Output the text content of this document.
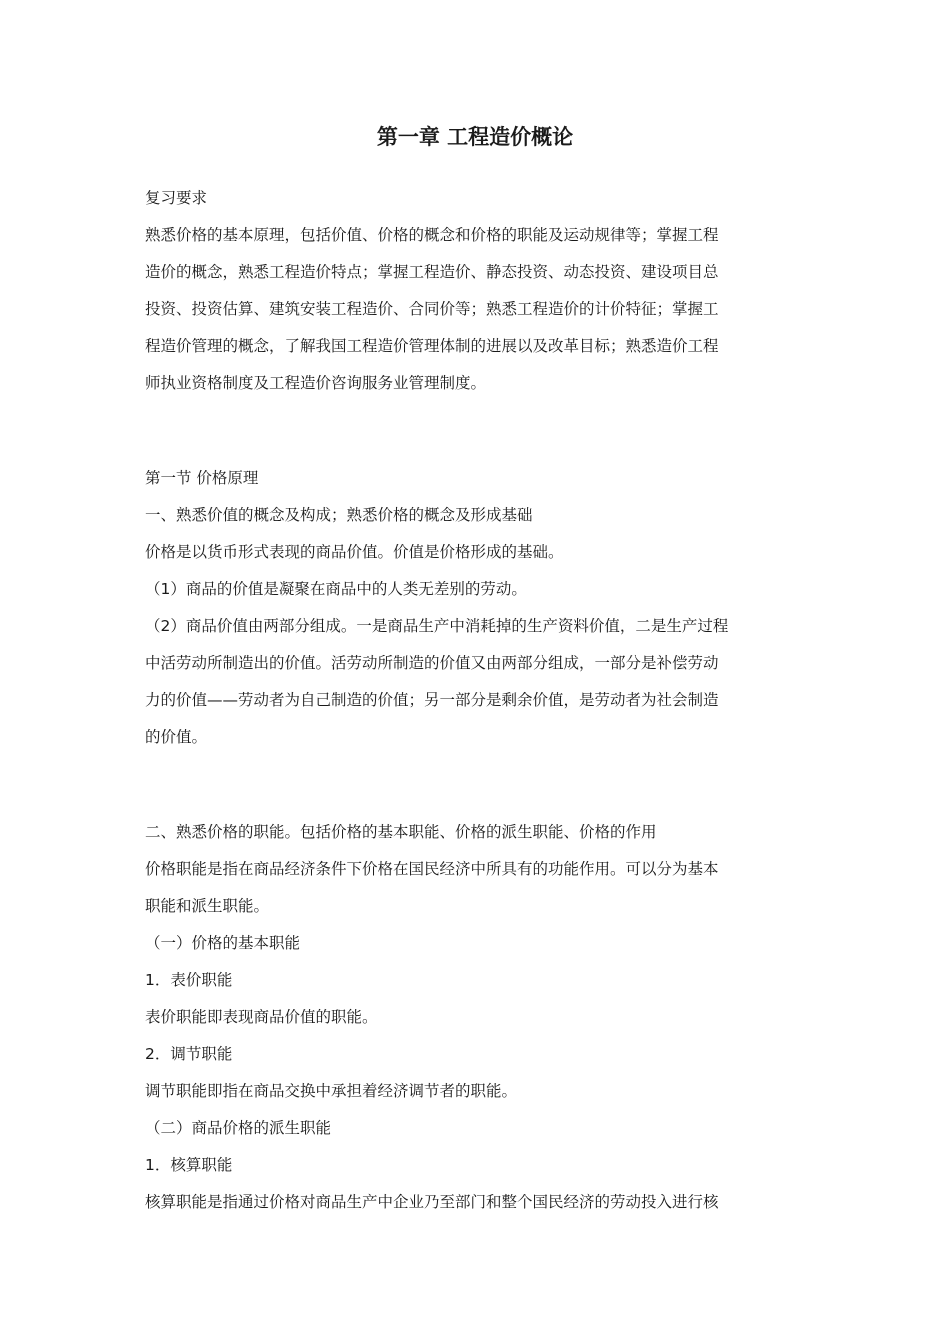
第一章 工程造价概论

复习要求

熟悉价格的基本原理，包括价值、价格的概念和价格的职能及运动规律等；掌握工程

造价的概念，熟悉工程造价特点；掌握工程造价、静态投资、动态投资、建设项目总

投资、投资估算、建筑安装工程造价、合同价等；熟悉工程造价的计价特征；掌握工

程造价管理的概念，了解我国工程造价管理体制的进展以及改革目标；熟悉造价工程

师执业资格制度及工程造价咨询服务业管理制度。

第一节 价格原理

一、熟悉价值的概念及构成；熟悉价格的概念及形成基础

价格是以货币形式表现的商品价值。价值是价格形成的基础。

（1）商品的价值是凝聚在商品中的人类无差别的劳动。

（2）商品价值由两部分组成。一是商品生产中消耗掉的生产资料价值，二是生产过程

中活劳动所制造出的价值。活劳动所制造的价值又由两部分组成，一部分是补偿劳动

力的价值——劳动者为自己制造的价值；另一部分是剩余价值，是劳动者为社会制造

的价值。

二、熟悉价格的职能。包括价格的基本职能、价格的派生职能、价格的作用

价格职能是指在商品经济条件下价格在国民经济中所具有的功能作用。可以分为基本

职能和派生职能。

（一）价格的基本职能

1．表价职能

表价职能即表现商品价值的职能。

2．调节职能

调节职能即指在商品交换中承担着经济调节者的职能。

（二）商品价格的派生职能

1．核算职能

核算职能是指通过价格对商品生产中企业乃至部门和整个国民经济的劳动投入进行核
